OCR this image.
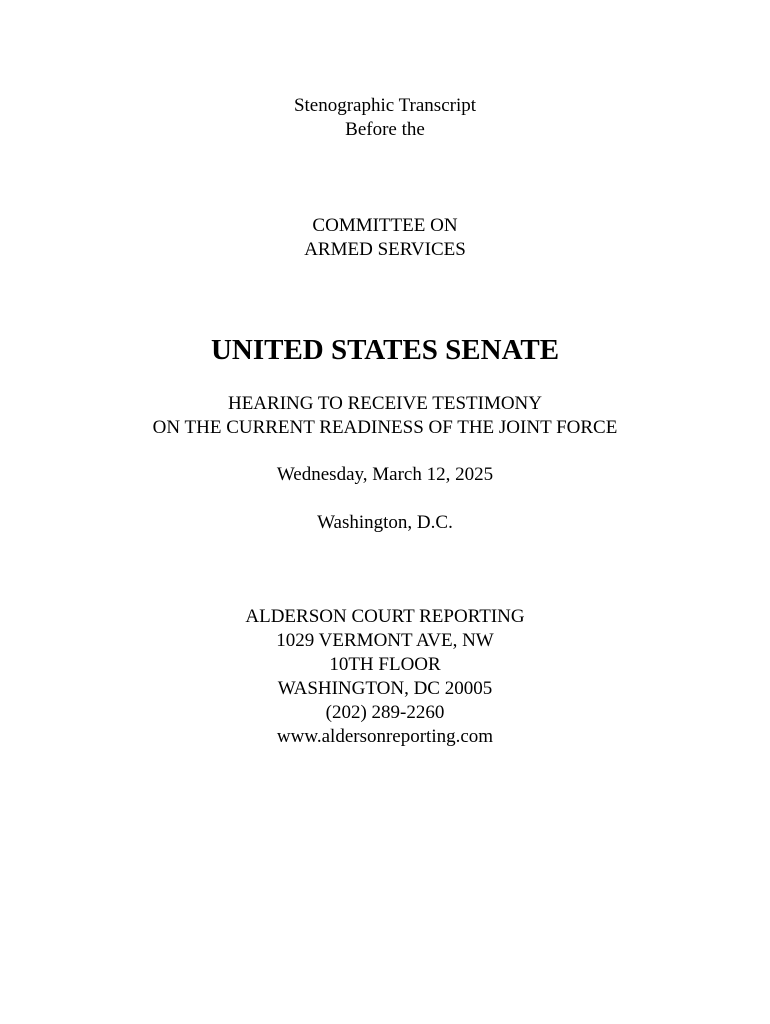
Stenographic Transcript
Before the
COMMITTEE ON
ARMED SERVICES
UNITED STATES SENATE
HEARING TO RECEIVE TESTIMONY
ON THE CURRENT READINESS OF THE JOINT FORCE
Wednesday, March 12, 2025
Washington, D.C.
ALDERSON COURT REPORTING
1029 VERMONT AVE, NW
10TH FLOOR
WASHINGTON, DC 20005
(202) 289-2260
www.aldersonreporting.com
